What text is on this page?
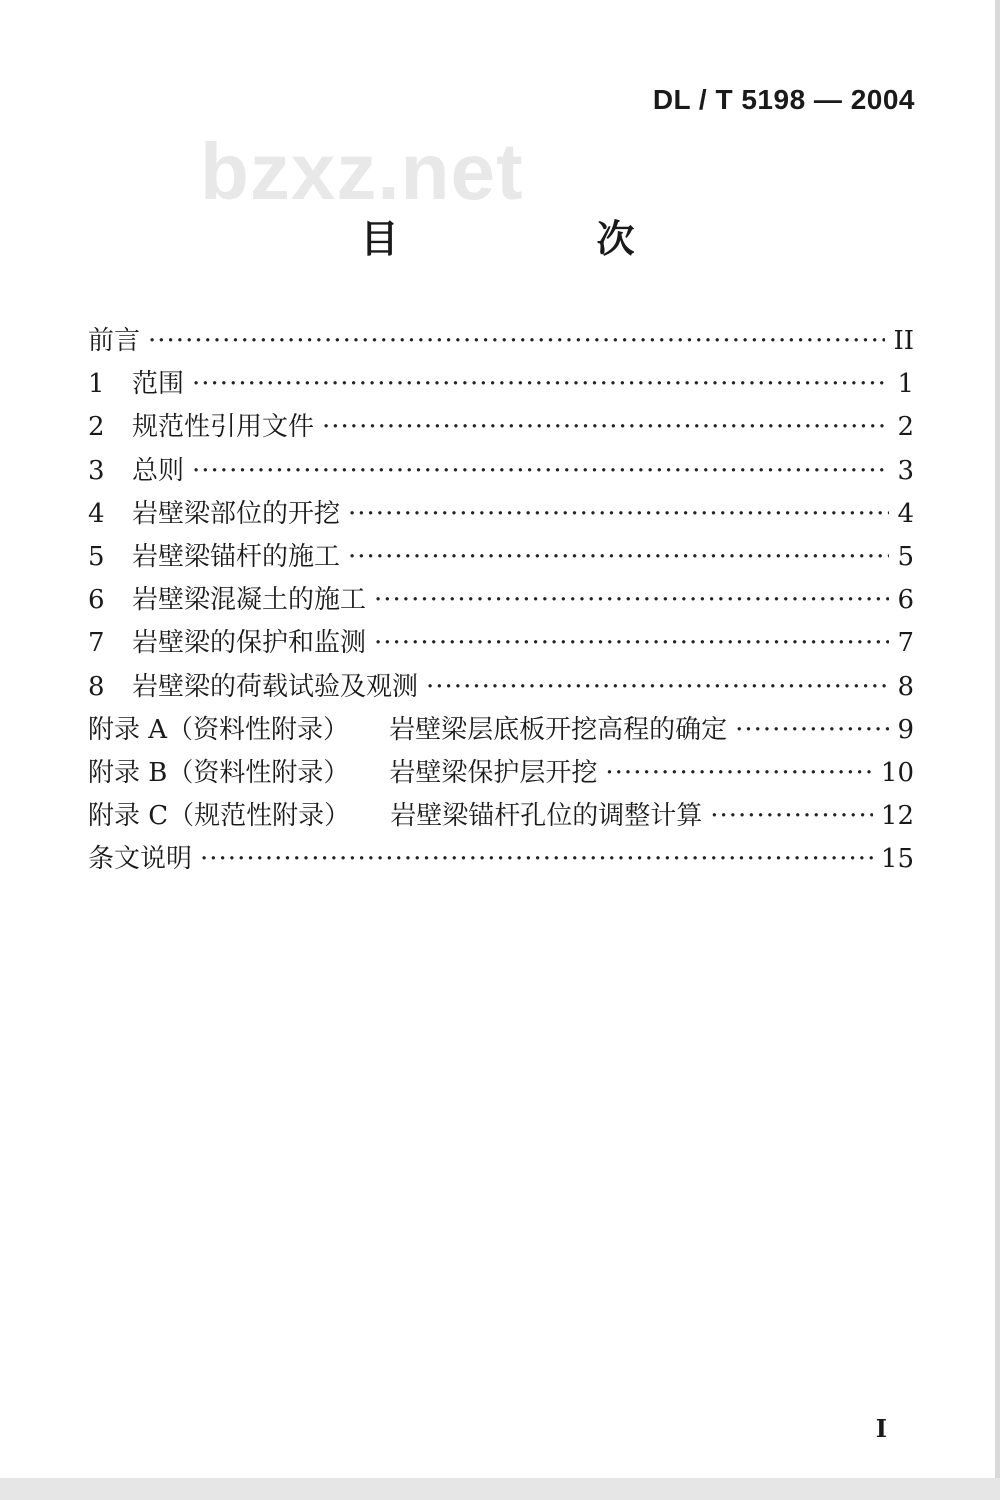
DL / T 5198 — 2004
bzxz.net
目　次
前言 ·····	II
1	范围 ·····	1
2	规范性引用文件 ·····	2
3	总则 ·····	3
4	岩壁梁部位的开挖 ·····	4
5	岩壁梁锚杆的施工 ·····	5
6	岩壁梁混凝土的施工 ·····	6
7	岩壁梁的保护和监测 ·····	7
8	岩壁梁的荷载试验及观测 ·····	8
附录 A （资料性附录） 岩壁梁层底板开挖高程的确定 ·····	9
附录 B （资料性附录） 岩壁梁保护层开挖 ·····	10
附录 C （规范性附录） 岩壁梁锚杆孔位的调整计算 ·····	12
条文说明 ·····	15
I
